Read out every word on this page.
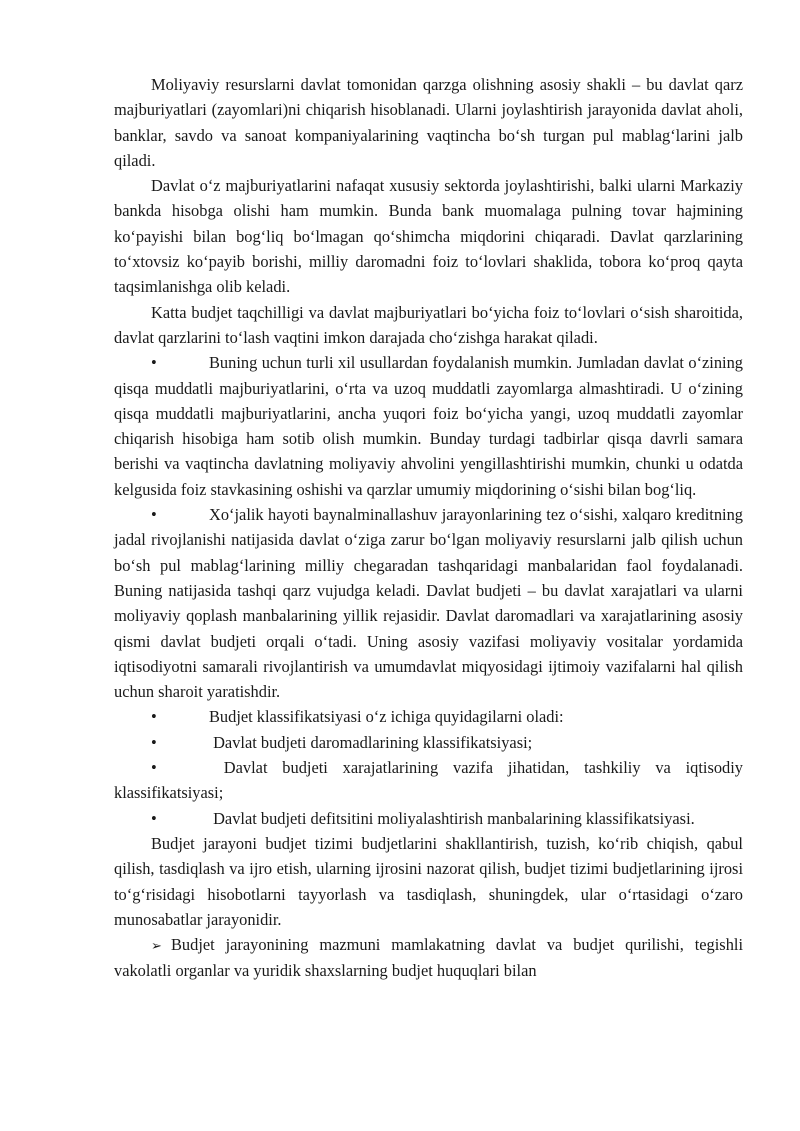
Moliyaviy resurslarni davlat tomonidan qarzga olishning asosiy shakli – bu davlat qarz majburiyatlari (zayomlari)ni chiqarish hisoblanadi. Ularni joylashtirish jarayonida davlat aholi, banklar, savdo va sanoat kompaniyalarining vaqtincha bo‘sh turgan pul mablag‘larini jalb qiladi.

Davlat o‘z majburiyatlarini nafaqat xususiy sektorda joylashtirishi, balki ularni Markaziy bankda hisobga olishi ham mumkin. Bunda bank muomalaga pulning tovar hajmining ko‘payishi bilan bog‘liq bo‘lmagan qo‘shimcha miqdorini chiqaradi. Davlat qarzlarining to‘xtovsiz ko‘payib borishi, milliy daromadni foiz to‘lovlari shaklida, tobora ko‘proq qayta taqsimlanishga olib keladi.

Katta budjet taqchilligi va davlat majburiyatlari bo‘yicha foiz to‘lovlari o‘sish sharoitida, davlat qarzlarini to‘lash vaqtini imkon darajada cho‘zishga harakat qiladi.

•	Buning uchun turli xil usullardan foydalanish mumkin. Jumladan davlat o‘zining qisqa muddatli majburiyatlarini, o‘rta va uzoq muddatli zayomlarga almashtiradi. U o‘zining qisqa muddatli majburiyatlarini, ancha yuqori foiz bo‘yicha yangi, uzoq muddatli zayomlar chiqarish hisobiga ham sotib olish mumkin. Bunday turdagi tadbirlar qisqa davrli samara berishi va vaqtincha davlatning moliyaviy ahvolini yengillashtirishi mumkin, chunki u odatda kelgusida foiz stavkasining oshishi va qarzlar umumiy miqdorining o‘sishi bilan bog‘liq.

•	Xo‘jalik hayoti baynalminallashuv jarayonlarining tez o‘sishi, xalqaro kreditning jadal rivojlanishi natijasida davlat o‘ziga zarur bo‘lgan moliyaviy resurslarni jalb qilish uchun bo‘sh pul mablag‘larining milliy chegaradan tashqaridagi manbalaridan faol foydalanadi. Buning natijasida tashqi qarz vujudga keladi. Davlat budjeti – bu davlat xarajatlari va ularni moliyaviy qoplash manbalarining yillik rejasidir. Davlat daromadlari va xarajatlarining asosiy qismi davlat budjeti orqali o‘tadi. Uning asosiy vazifasi moliyaviy vositalar yordamida iqtisodiyotni samarali rivojlantirish va umumdavlat miqyosidagi ijtimoiy vazifalarni hal qilish uchun sharoit yaratishdir.

•	Budjet klassifikatsiyasi o‘z ichiga quyidagilarni oladi:

•	Davlat budjeti daromadlarining klassifikatsiyasi;

•	Davlat budjeti xarajatlarining vazifa jihatidan, tashkiliy va iqtisodiy klassifikatsiyasi;

•	Davlat budjeti defitsitini moliyalashtirish manbalarining klassifikatsiyasi.

Budjet jarayoni budjet tizimi budjetlarini shakllantirish, tuzish, ko‘rib chiqish, qabul qilish, tasdiqlash va ijro etish, ularning ijrosini nazorat qilish, budjet tizimi budjetlarining ijrosi to‘g‘risidagi hisobotlarni tayyorlash va tasdiqlash, shuningdek, ular o‘rtasidagi o‘zaro munosabatlar jarayonidir.

➢ Budjet jarayonining mazmuni mamlakatning davlat va budjet qurilishi, tegishli vakolatli organlar va yuridik shaxslarning budjet huquqlari bilan
